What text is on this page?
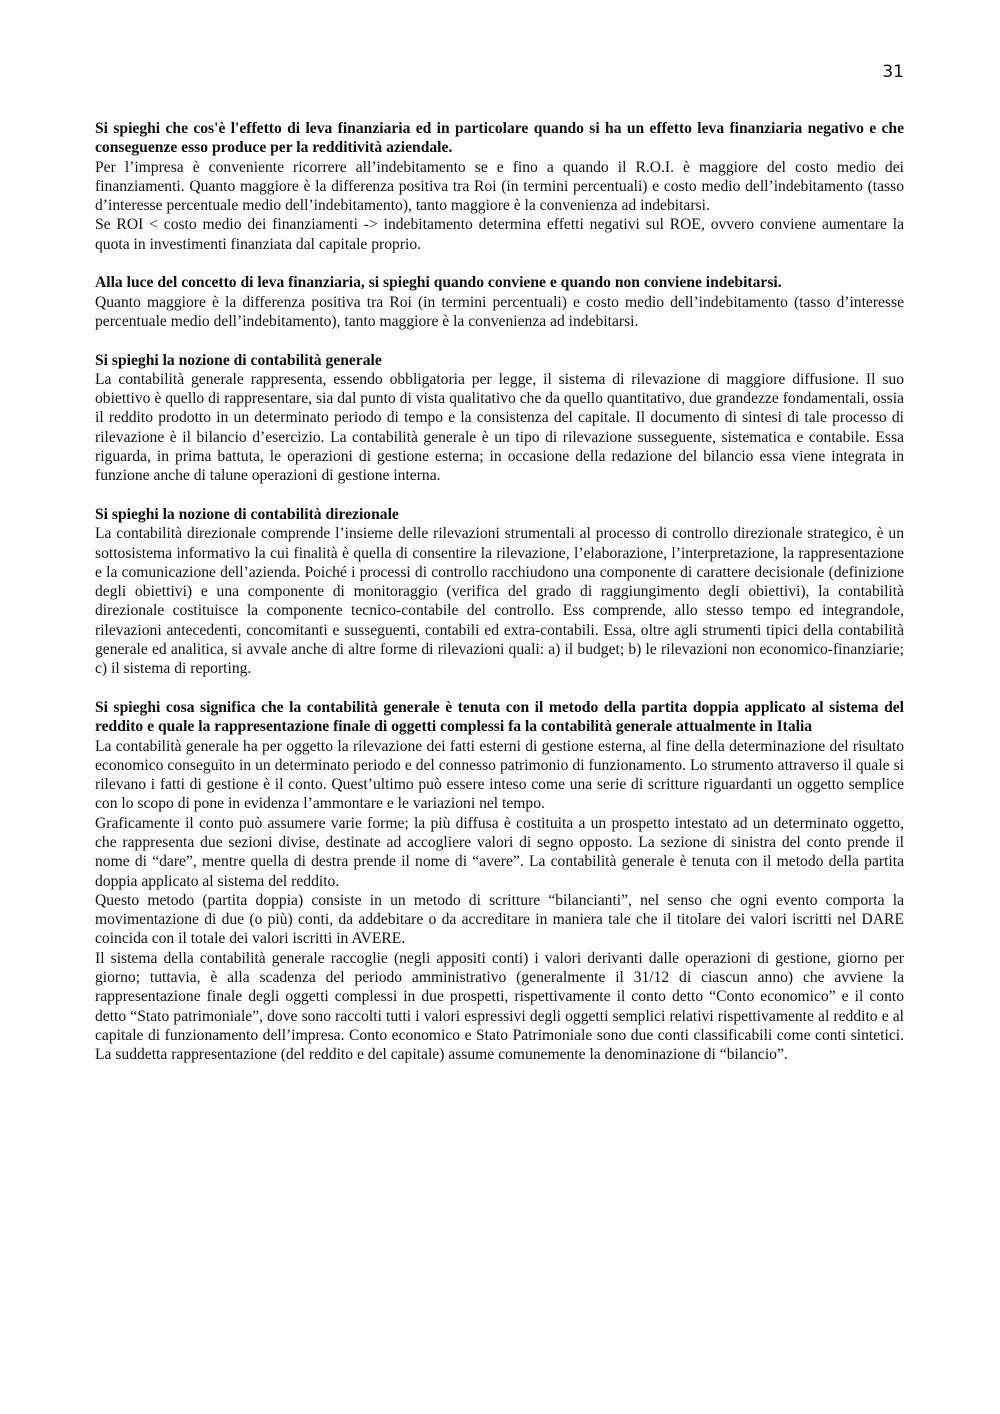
31

Si spieghi che cos'è l'effetto di leva finanziaria ed in particolare quando si ha un effetto leva finanziaria negativo e che conseguenze esso produce per la redditività aziendale.

Per l’impresa è conveniente ricorrere all’indebitamento se e fino a quando il R.O.I. è maggiore del costo medio dei finanziamenti. Quanto maggiore è la differenza positiva tra Roi (in termini percentuali) e costo medio dell’indebitamento (tasso d’interesse percentuale medio dell’indebitamento), tanto maggiore è la convenienza ad indebitarsi.

Se ROI < costo medio dei finanziamenti -> indebitamento determina effetti negativi sul ROE, ovvero conviene aumentare la quota in investimenti finanziata dal capitale proprio.

Alla luce del concetto di leva finanziaria, si spieghi quando conviene e quando non conviene indebitarsi.

Quanto maggiore è la differenza positiva tra Roi (in termini percentuali) e costo medio dell’indebitamento (tasso d’interesse percentuale medio dell’indebitamento), tanto maggiore è la convenienza ad indebitarsi.

Si spieghi la nozione di contabilità generale

La contabilità generale rappresenta, essendo obbligatoria per legge, il sistema di rilevazione di maggiore diffusione. Il suo obiettivo è quello di rappresentare, sia dal punto di vista qualitativo che da quello quantitativo, due grandezze fondamentali, ossia il reddito prodotto in un determinato periodo di tempo e la consistenza del capitale. Il documento di sintesi di tale processo di rilevazione è il bilancio d’esercizio. La contabilità generale è un tipo di rilevazione susseguente, sistematica e contabile. Essa riguarda, in prima battuta, le operazioni di gestione esterna; in occasione della redazione del bilancio essa viene integrata in funzione anche di talune operazioni di gestione interna.

Si spieghi la nozione di contabilità direzionale

La contabilità direzionale comprende l’insieme delle rilevazioni strumentali al processo di controllo direzionale strategico, è un sottosistema informativo la cui finalità è quella di consentire la rilevazione, l’elaborazione, l’interpretazione, la rappresentazione e la comunicazione dell’azienda. Poiché i processi di controllo racchiudono una componente di carattere decisionale (definizione degli obiettivi) e una componente di monitoraggio (verifica del grado di raggiungimento degli obiettivi), la contabilità direzionale costituisce la componente tecnico-contabile del controllo. Ess comprende, allo stesso tempo ed integrandole, rilevazioni antecedenti, concomitanti e susseguenti, contabili ed extra-contabili. Essa, oltre agli strumenti tipici della contabilità generale ed analitica, si avvale anche di altre forme di rilevazioni quali: a) il budget; b) le rilevazioni non economico-finanziarie; c) il sistema di reporting.

Si spieghi cosa significa che la contabilità generale è tenuta con il metodo della partita doppia applicato al sistema del reddito e quale la rappresentazione finale di oggetti complessi fa la contabilità generale attualmente in Italia

La contabilità generale ha per oggetto la rilevazione dei fatti esterni di gestione esterna, al fine della determinazione del risultato economico conseguito in un determinato periodo e del connesso patrimonio di funzionamento. Lo strumento attraverso il quale si rilevano i fatti di gestione è il conto. Quest’ultimo può essere inteso come una serie di scritture riguardanti un oggetto semplice con lo scopo di pone in evidenza l’ammontare e le variazioni nel tempo.

Graficamente il conto può assumere varie forme; la più diffusa è costituita a un prospetto intestato ad un determinato oggetto, che rappresenta due sezioni divise, destinate ad accogliere valori di segno opposto. La sezione di sinistra del conto prende il nome di “dare”, mentre quella di destra prende il nome di “avere”. La contabilità generale è tenuta con il metodo della partita doppia applicato al sistema del reddito.

Questo metodo (partita doppia) consiste in un metodo di scritture “bilancianti”, nel senso che ogni evento comporta la movimentazione di due (o più) conti, da addebitare o da accreditare in maniera tale che il titolare dei valori iscritti nel DARE coincida con il totale dei valori iscritti in AVERE.

Il sistema della contabilità generale raccoglie (negli appositi conti) i valori derivanti dalle operazioni di gestione, giorno per giorno; tuttavia, è alla scadenza del periodo amministrativo (generalmente il 31/12 di ciascun anno) che avviene la rappresentazione finale degli oggetti complessi in due prospetti, rispettivamente il conto detto “Conto economico” e il conto detto “Stato patrimoniale”, dove sono raccolti tutti i valori espressivi degli oggetti semplici relativi rispettivamente al reddito e al capitale di funzionamento dell’impresa. Conto economico e Stato Patrimoniale sono due conti classificabili come conti sintetici. La suddetta rappresentazione (del reddito e del capitale) assume comunemente la denominazione di “bilancio”.
